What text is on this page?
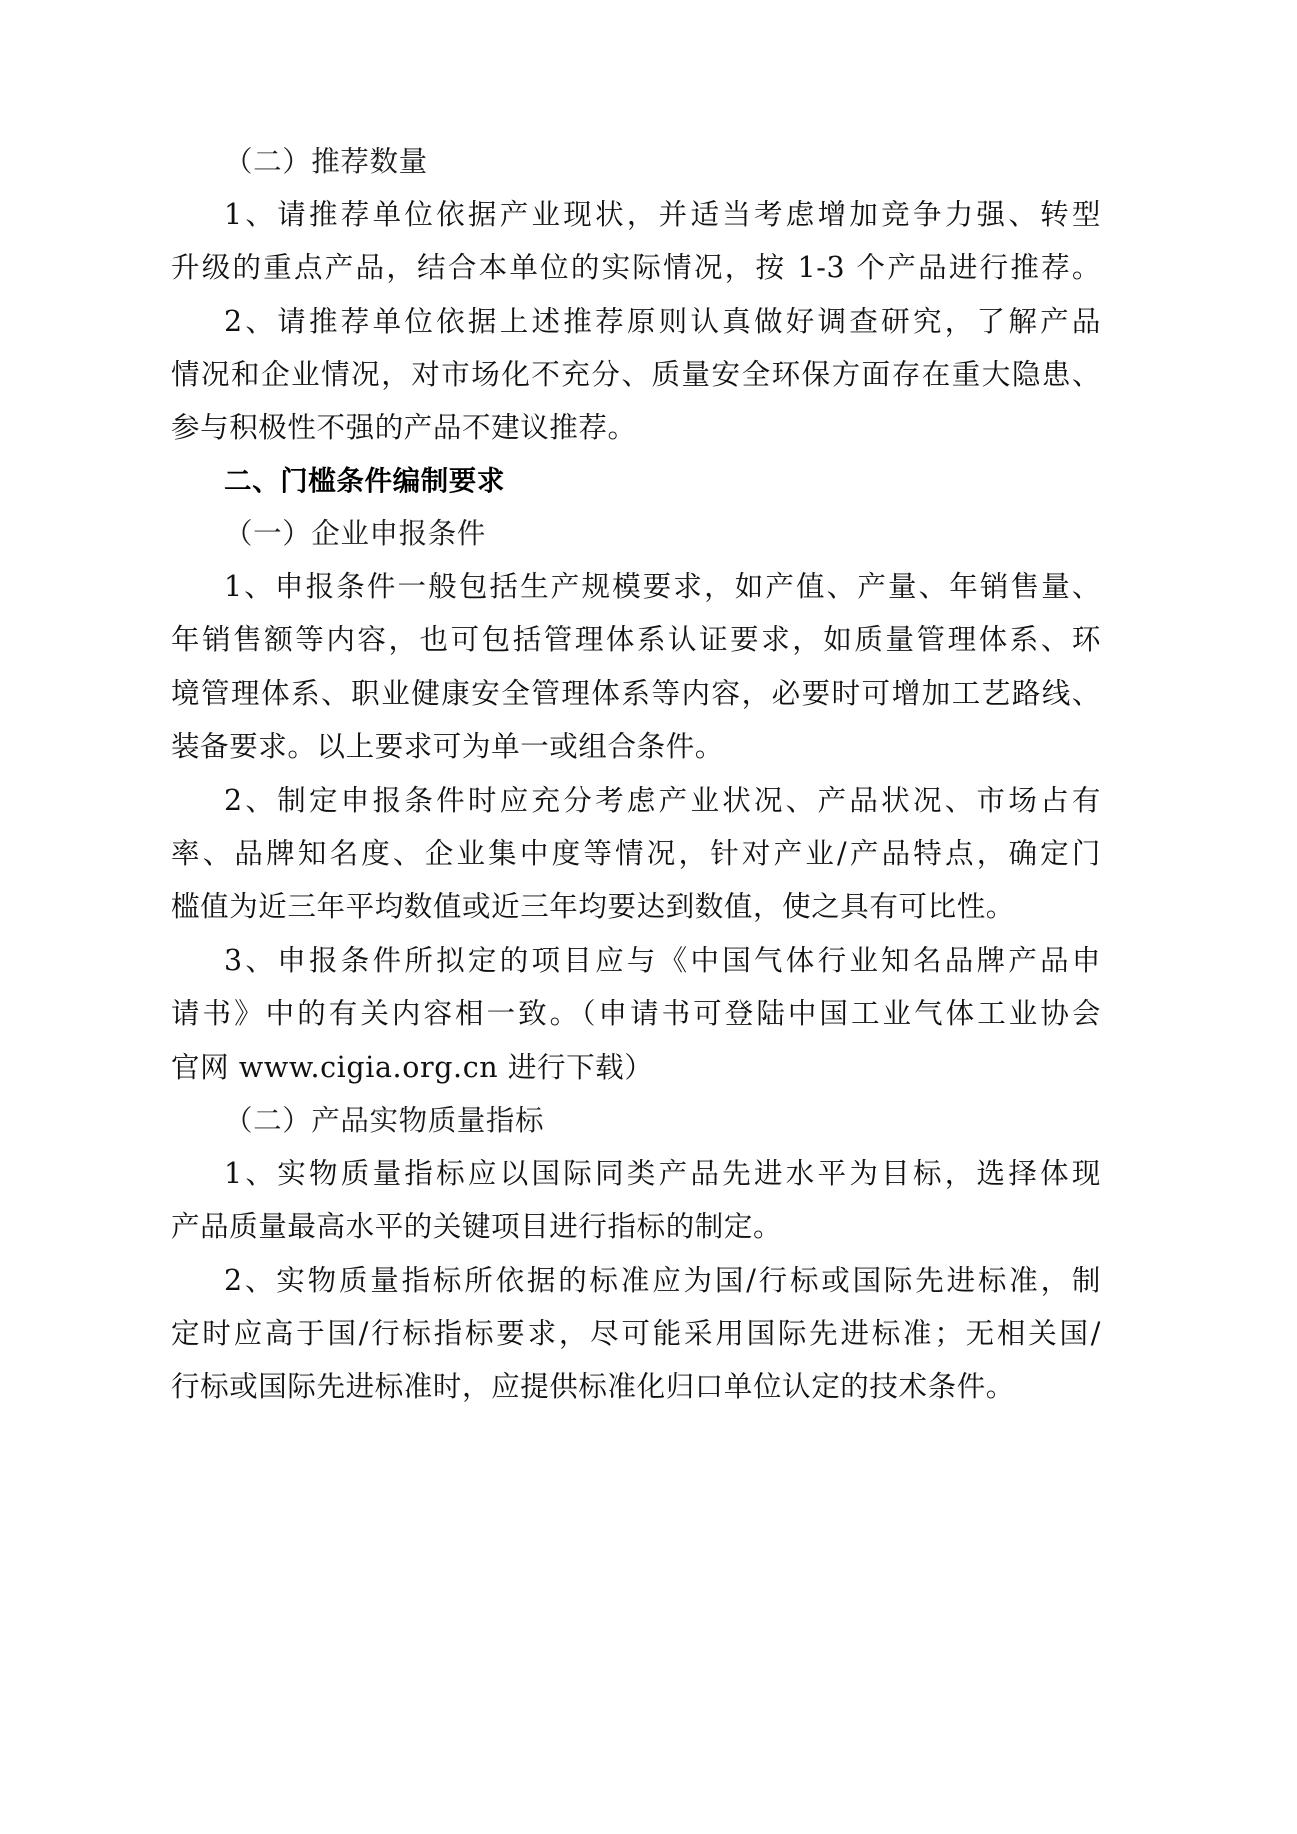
（二）推荐数量
1、请推荐单位依据产业现状，并适当考虑增加竞争力强、转型
升级的重点产品，结合本单位的实际情况，按 1-3 个产品进行推荐。
2、请推荐单位依据上述推荐原则认真做好调查研究，了解产品
情况和企业情况，对市场化不充分、质量安全环保方面存在重大隐患、
参与积极性不强的产品不建议推荐。
二、门槛条件编制要求
（一）企业申报条件
1、申报条件一般包括生产规模要求，如产值、产量、年销售量、
年销售额等内容，也可包括管理体系认证要求，如质量管理体系、环
境管理体系、职业健康安全管理体系等内容，必要时可增加工艺路线、
装备要求。以上要求可为单一或组合条件。
2、制定申报条件时应充分考虑产业状况、产品状况、市场占有
率、品牌知名度、企业集中度等情况，针对产业/产品特点，确定门
槛值为近三年平均数值或近三年均要达到数值，使之具有可比性。
3、申报条件所拟定的项目应与《中国气体行业知名品牌产品申
请书》中的有关内容相一致。（申请书可登陆中国工业气体工业协会
官网 www.cigia.org.cn 进行下载）
（二）产品实物质量指标
1、实物质量指标应以国际同类产品先进水平为目标，选择体现
产品质量最高水平的关键项目进行指标的制定。
2、实物质量指标所依据的标准应为国/行标或国际先进标准，制
定时应高于国/行标指标要求，尽可能采用国际先进标准；无相关国/
行标或国际先进标准时，应提供标准化归口单位认定的技术条件。
